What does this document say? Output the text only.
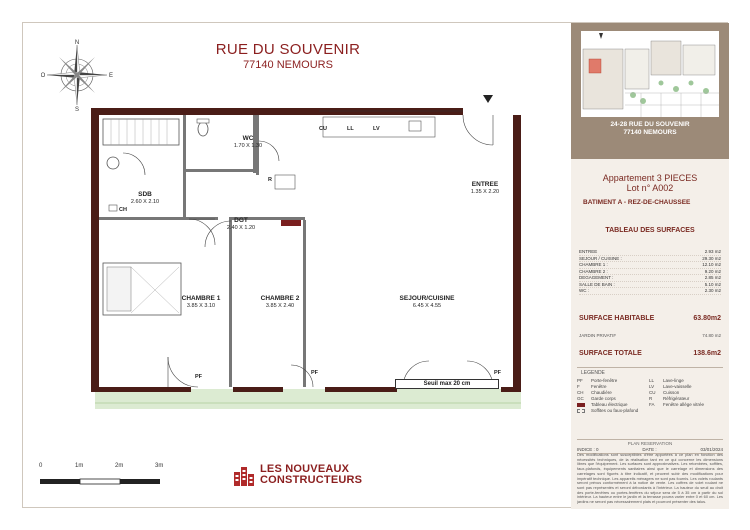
N
S
E
O
RUE DU SOUVENIR
77140 NEMOURS
WC
1.70 X 1.30
SDB
2.60 X 2.10
DGT
2.40 X 1.20
ENTREE
1.35 X 2.20
CHAMBRE 1
3.85 X 3.10
CHAMBRE 2
3.85 X 2.40
SEJOUR/CUISINE
6.45 X 4.55
CU	LL	LV
R
CH
PF
PF	PF
Seuil max 20 cm
0	1m	2m	3m	LES NOUVEAUX
CONSTRUCTEURS
24-28 RUE DU SOUVENIR
77140 NEMOURS
Appartement 3 PIECES
Lot n° A002
BATIMENT A - REZ-DE-CHAUSSEE
TABLEAU DES SURFACES
ENTREE	2.93 m2
SEJOUR / CUISINE :	29.30 m2
CHAMBRE 1 :	12.10 m2
CHAMBRE 2 :	9.20 m2
DEGAGEMENT :	2.85 m2
SALLE DE BAIN :	5.10 m2
WC :	2.30 m2
SURFACE HABITABLE	63.80m2
JARDIN PRIVATIF	74.80 m2
SURFACE TOTALE	138.6m2
LEGENDE
PF	Porte-fenêtre	LL	Lave-linge
F	Fenêtre	LV	Lave-vaisselle
CH	Chaudière	CU	Cuisson
GC	Garde corps	R	Réfrigérateur
Tableau électrique	FA	Fenêtre allège vitrée
Soffites ou faux-plafond
PLAN RESERVATION
INDICE : 0	DATE :	03/01/2024
Des modifications sont susceptibles d'être apportées à ce plan en fonction des nécessités techniques, de la réalisation tant en ce qui concerne les dimensions libres que l'équipement. Les surfaces sont approximatives. Les retombées, soffites, faux-plafonds, équipements sanitaires ainsi que le carrelage et dimensions des carrelages sont figurés à titre indicatif, et peuvent subir des modifications pour impératif technique. Les appareils ménagers ne sont pas fournis. Les volets roulants seront prévus conformément à la notice de vente. Les coffres de volet roulant ne sont pas représentés et seront débordants à l'intérieur. La hauteur du seuil au droit des porte-fenêtres ou portes-fenêtres du séjour sera de 5 à 35 cm à partir du sol intérieur. La hauteur entre le jardin et la terrasse pourra varier entre 0 et 60 cm. Les jardins ne seront pas nécessairement plats et pourront présenter des talus.
